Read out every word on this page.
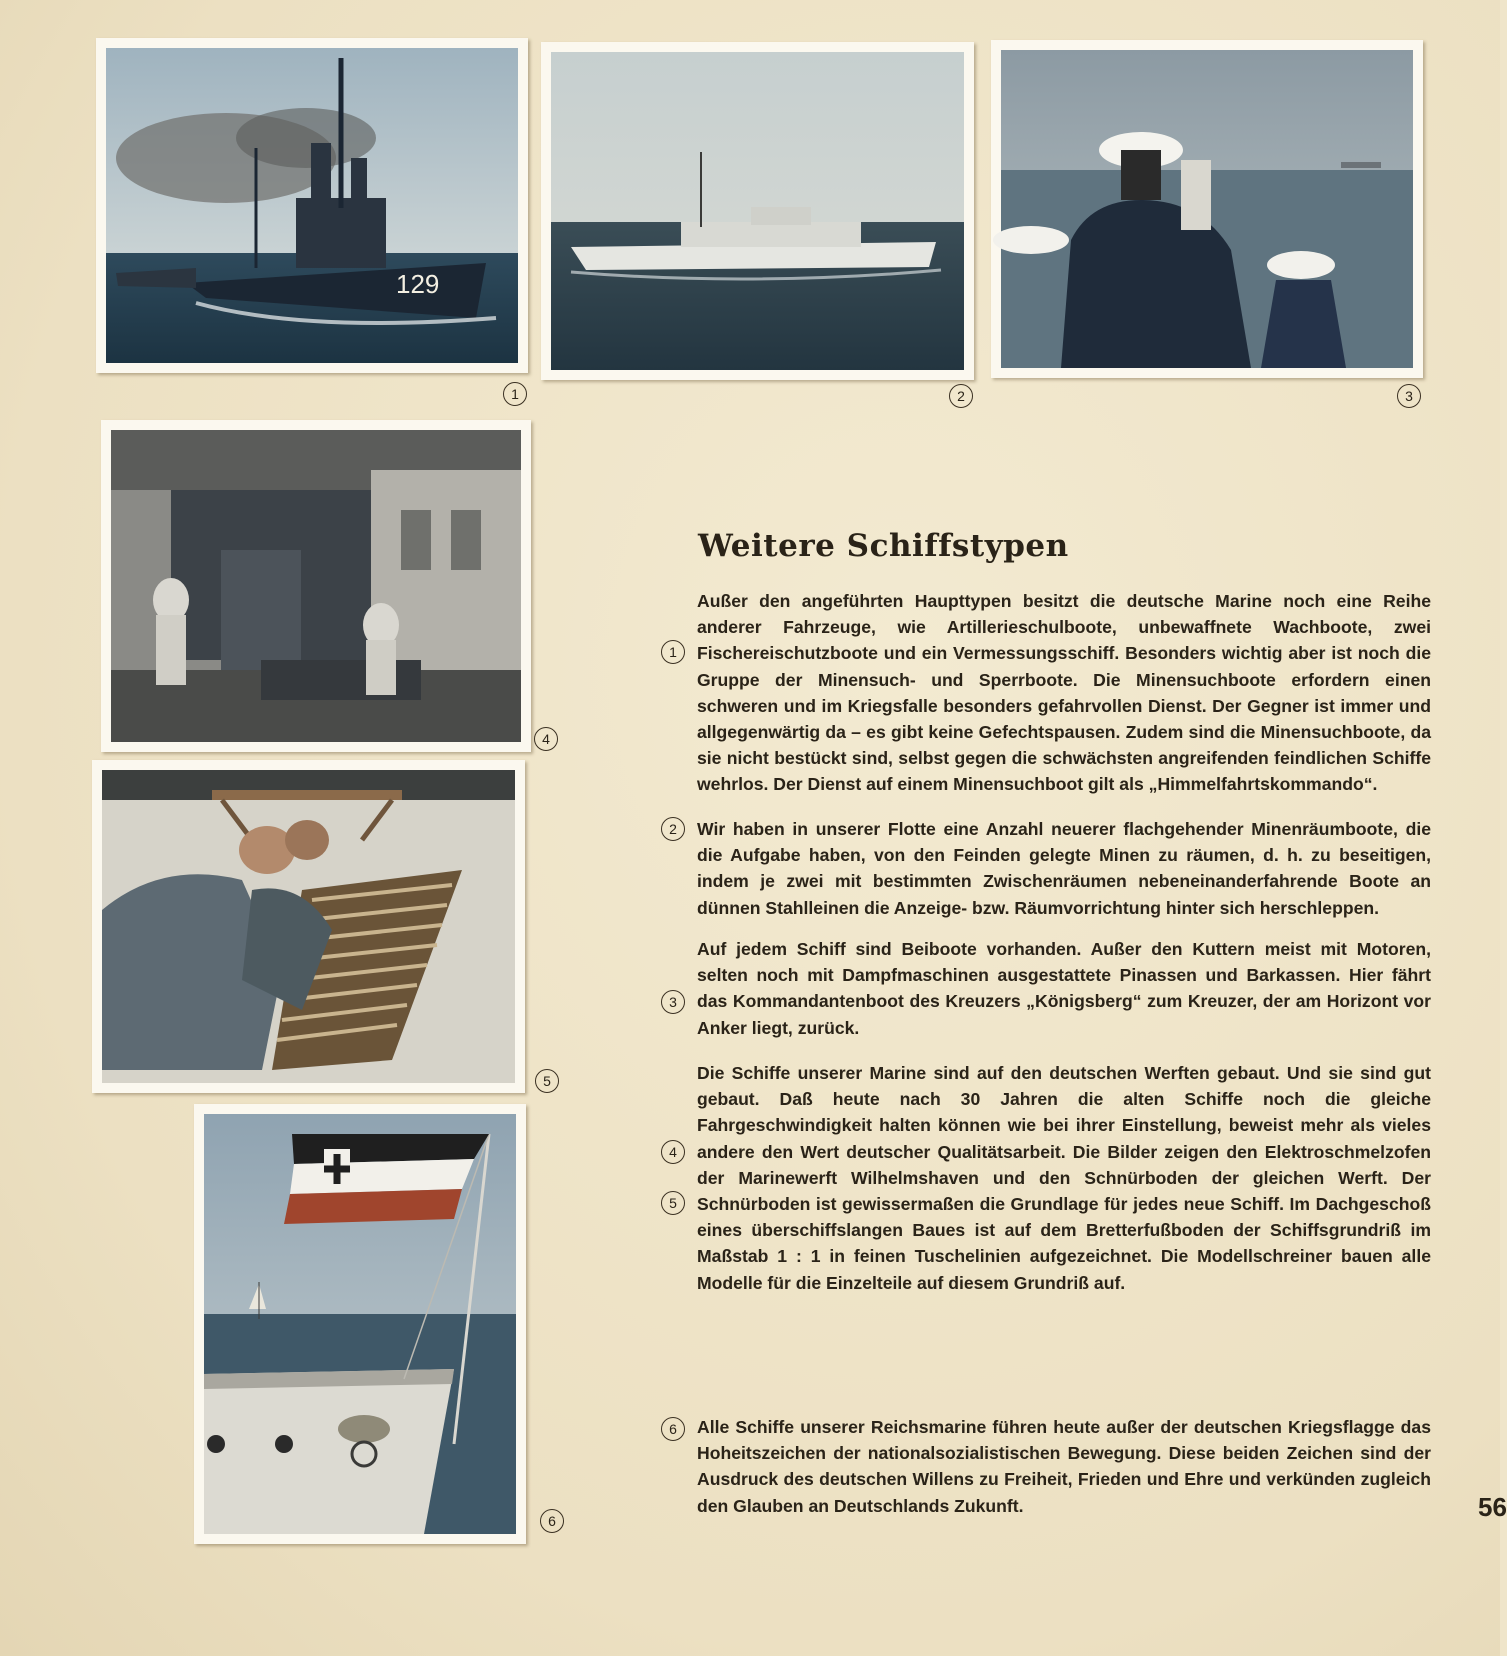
129
1	2	3
4
5
6
Weitere Schiffstypen
1
Außer den angeführten Haupttypen besitzt die deutsche Marine noch eine Reihe anderer Fahrzeuge, wie Artillerieschulboote, unbewaffnete Wachboote, zwei Fischereischutzboote und ein Vermessungsschiff. Besonders wichtig aber ist noch die Gruppe der Minensuch- und Sperrboote. Die Minensuchboote erfordern einen schweren und im Kriegsfalle besonders gefahrvollen Dienst. Der Gegner ist immer und allgegenwärtig da – es gibt keine Gefechtspausen. Zudem sind die Minensuchboote, da sie nicht bestückt sind, selbst gegen die schwächsten angreifenden feindlichen Schiffe wehrlos. Der Dienst auf einem Minensuchboot gilt als „Himmelfahrtskommando“.
2	Wir haben in unserer Flotte eine Anzahl neuerer flachgehender Minenräumboote, die die Aufgabe haben, von den Feinden gelegte Minen zu räumen, d. h. zu beseitigen, indem je zwei mit bestimmten Zwischenräumen nebeneinanderfahrende Boote an dünnen Stahlleinen die Anzeige- bzw. Räumvorrichtung hinter sich herschleppen.
3
Auf jedem Schiff sind Beiboote vorhanden. Außer den Kuttern meist mit Motoren, selten noch mit Dampfmaschinen ausgestattete Pinassen und Barkassen. Hier fährt das Kommandantenboot des Kreuzers „Königsberg“ zum Kreuzer, der am Horizont vor Anker liegt, zurück.
4
5
Die Schiffe unserer Marine sind auf den deutschen Werften gebaut. Und sie sind gut gebaut. Daß heute nach 30 Jahren die alten Schiffe noch die gleiche Fahrgeschwindigkeit halten können wie bei ihrer Einstellung, beweist mehr als vieles andere den Wert deutscher Qualitätsarbeit. Die Bilder zeigen den Elektroschmelzofen der Marinewerft Wilhelmshaven und den Schnürboden der gleichen Werft. Der Schnürboden ist gewissermaßen die Grundlage für jedes neue Schiff. Im Dachgeschoß eines überschiffslangen Baues ist auf dem Bretterfußboden der Schiffsgrundriß im Maßstab 1 : 1 in feinen Tuschelinien aufgezeichnet. Die Modellschreiner bauen alle Modelle für die Einzelteile auf diesem Grundriß auf.
6	Alle Schiffe unserer Reichsmarine führen heute außer der deutschen Kriegsflagge das Hoheitszeichen der nationalsozialistischen Bewegung. Diese beiden Zeichen sind der Ausdruck des deutschen Willens zu Freiheit, Frieden und Ehre und verkünden zugleich den Glauben an Deutschlands Zukunft.	56
